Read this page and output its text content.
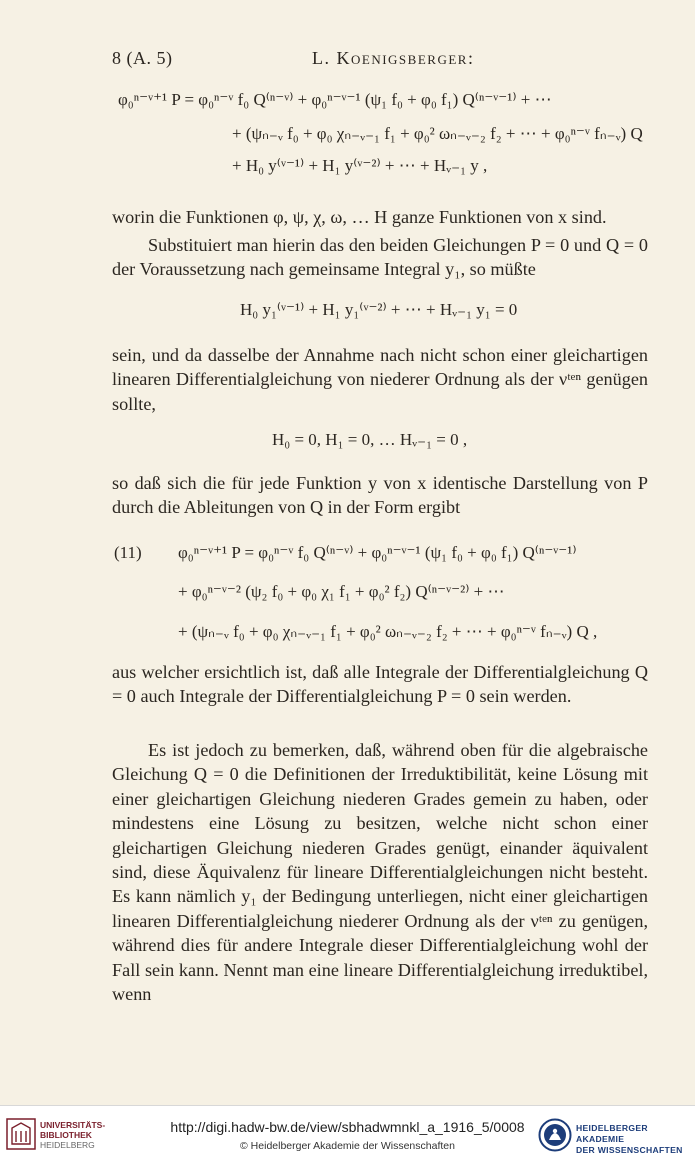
8 (A. 5)	L. Koenigsberger:
φ₀ⁿ⁻ᵛ⁺¹ P = φ₀ⁿ⁻ᵛ f₀ Q⁽ⁿ⁻ᵛ⁾ + φ₀ⁿ⁻ᵛ⁻¹ (ψ₁ f₀ + φ₀ f₁) Q⁽ⁿ⁻ᵛ⁻¹⁾ + ⋯
+ (ψₙ₋ᵥ f₀ + φ₀ χₙ₋ᵥ₋₁ f₁ + φ₀² ωₙ₋ᵥ₋₂ f₂ + ⋯ + φ₀ⁿ⁻ᵛ fₙ₋ᵥ) Q
+ H₀ y⁽ᵛ⁻¹⁾ + H₁ y⁽ᵛ⁻²⁾ + ⋯ + Hᵥ₋₁ y ,
worin die Funktionen φ, ψ, χ, ω, … H ganze Funktionen von x sind.
Substituiert man hierin das den beiden Gleichungen P = 0 und Q = 0 der Voraussetzung nach gemeinsame Integral y₁, so müßte
H₀ y₁⁽ᵛ⁻¹⁾ + H₁ y₁⁽ᵛ⁻²⁾ + ⋯ + Hᵥ₋₁ y₁ = 0
sein, und da dasselbe der Annahme nach nicht schon einer gleichartigen linearen Differentialgleichung von niederer Ordnung als der νᵗᵉⁿ genügen sollte,
H₀ = 0, H₁ = 0, … Hᵥ₋₁ = 0 ,
so daß sich die für jede Funktion y von x identische Darstellung von P durch die Ableitungen von Q in der Form ergibt
(11) φ₀ⁿ⁻ᵛ⁺¹ P = φ₀ⁿ⁻ᵛ f₀ Q⁽ⁿ⁻ᵛ⁾ + φ₀ⁿ⁻ᵛ⁻¹ (ψ₁ f₀ + φ₀ f₁) Q⁽ⁿ⁻ᵛ⁻¹⁾
+ φ₀ⁿ⁻ᵛ⁻² (ψ₂ f₀ + φ₀ χ₁ f₁ + φ₀² f₂) Q⁽ⁿ⁻ᵛ⁻²⁾ + ⋯
+ (ψₙ₋ᵥ f₀ + φ₀ χₙ₋ᵥ₋₁ f₁ + φ₀² ωₙ₋ᵥ₋₂ f₂ + ⋯ + φ₀ⁿ⁻ᵛ fₙ₋ᵥ) Q ,
aus welcher ersichtlich ist, daß alle Integrale der Differentialgleichung Q = 0 auch Integrale der Differentialgleichung P = 0 sein werden.
Es ist jedoch zu bemerken, daß, während oben für die algebraische Gleichung Q = 0 die Definitionen der Irreduktibilität, keine Lösung mit einer gleichartigen Gleichung niederen Grades gemein zu haben, oder mindestens eine Lösung zu besitzen, welche nicht schon einer gleichartigen Gleichung niederen Grades genügt, einander äquivalent sind, diese Äquivalenz für lineare Differentialgleichungen nicht besteht. Es kann nämlich y₁ der Bedingung unterliegen, nicht einer gleichartigen linearen Differentialgleichung niederer Ordnung als der νᵗᵉⁿ zu genügen, während dies für andere Integrale dieser Differentialgleichung wohl der Fall sein kann. Nennt man eine lineare Differentialgleichung irreduktibel, wenn
UNIVERSITÄTS-
BIBLIOTHEK
HEIDELBERG
http://digi.hadw-bw.de/view/sbhadwmnkl_a_1916_5/0008
© Heidelberger Akademie der Wissenschaften
HEIDELBERGER AKADEMIE
DER WISSENSCHAFTEN
